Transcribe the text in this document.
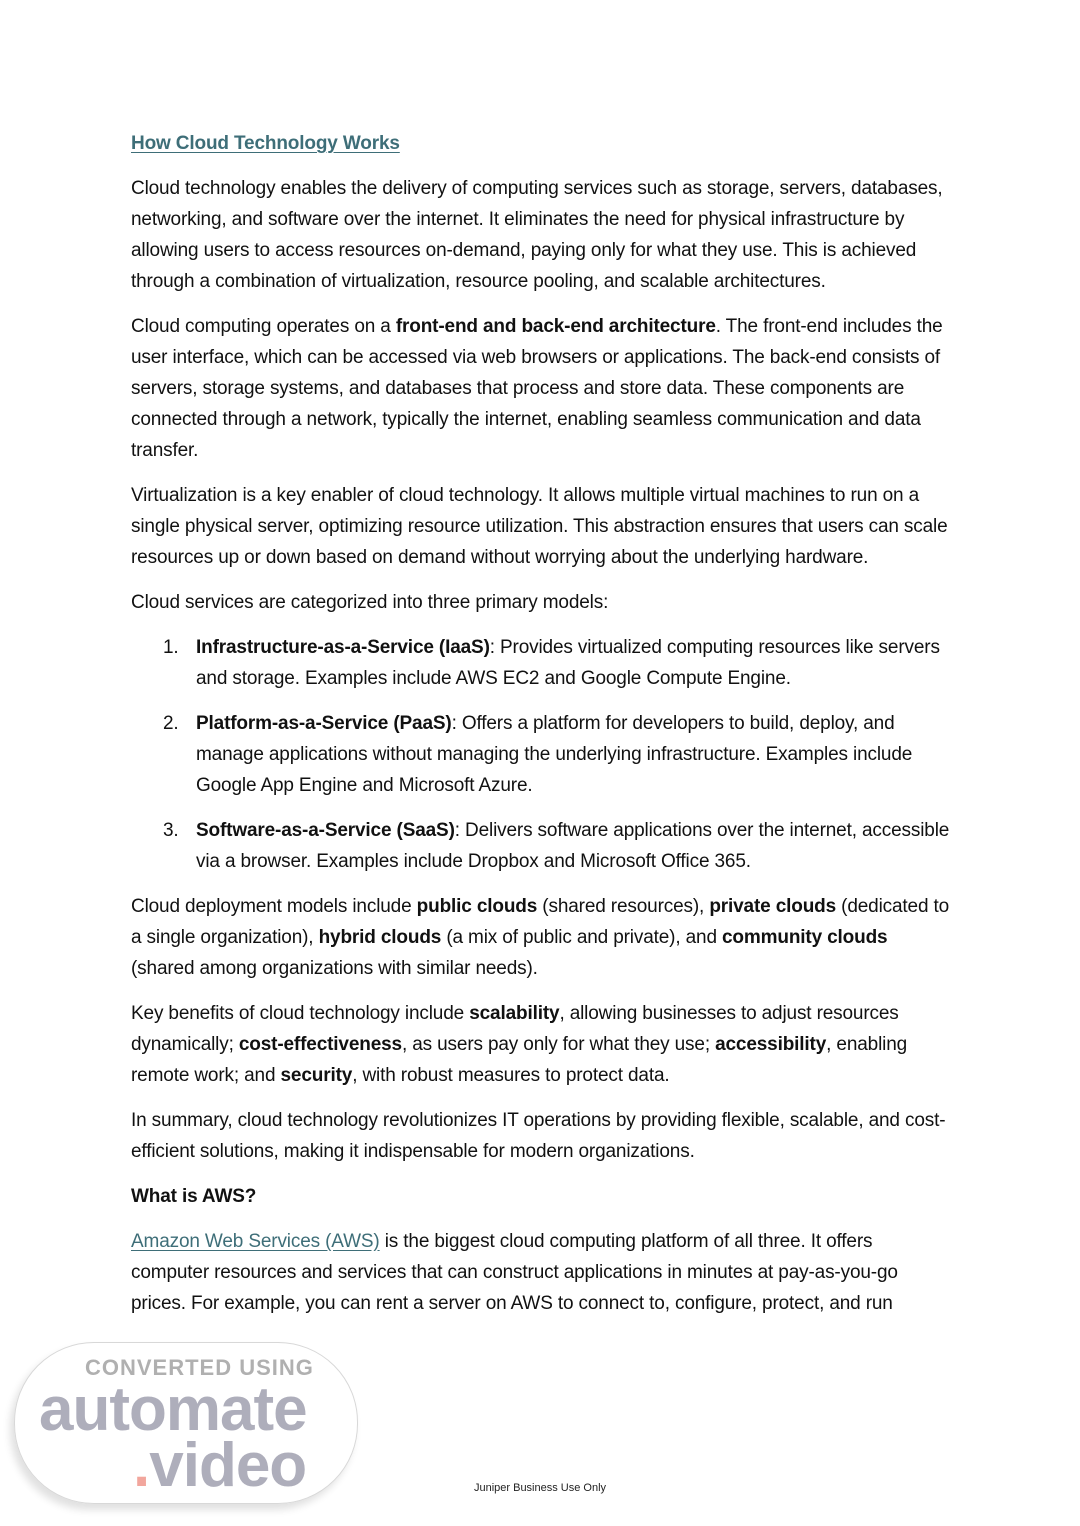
How Cloud Technology Works

Cloud technology enables the delivery of computing services such as storage, servers, databases, networking, and software over the internet. It eliminates the need for physical infrastructure by allowing users to access resources on-demand, paying only for what they use. This is achieved through a combination of virtualization, resource pooling, and scalable architectures.

Cloud computing operates on a front-end and back-end architecture. The front-end includes the user interface, which can be accessed via web browsers or applications. The back-end consists of servers, storage systems, and databases that process and store data. These components are connected through a network, typically the internet, enabling seamless communication and data transfer.

Virtualization is a key enabler of cloud technology. It allows multiple virtual machines to run on a single physical server, optimizing resource utilization. This abstraction ensures that users can scale resources up or down based on demand without worrying about the underlying hardware.

Cloud services are categorized into three primary models:

1. Infrastructure-as-a-Service (IaaS): Provides virtualized computing resources like servers and storage. Examples include AWS EC2 and Google Compute Engine.
2. Platform-as-a-Service (PaaS): Offers a platform for developers to build, deploy, and manage applications without managing the underlying infrastructure. Examples include Google App Engine and Microsoft Azure.
3. Software-as-a-Service (SaaS): Delivers software applications over the internet, accessible via a browser. Examples include Dropbox and Microsoft Office 365.

Cloud deployment models include public clouds (shared resources), private clouds (dedicated to a single organization), hybrid clouds (a mix of public and private), and community clouds (shared among organizations with similar needs).

Key benefits of cloud technology include scalability, allowing businesses to adjust resources dynamically; cost-effectiveness, as users pay only for what they use; accessibility, enabling remote work; and security, with robust measures to protect data.

In summary, cloud technology revolutionizes IT operations by providing flexible, scalable, and cost-efficient solutions, making it indispensable for modern organizations.

What is AWS?

Amazon Web Services (AWS) is the biggest cloud computing platform of all three. It offers computer resources and services that can construct applications in minutes at pay-as-you-go prices. For example, you can rent a server on AWS to connect to, configure, protect, and run

CONVERTED USING
automate
.video	Juniper Business Use Only
